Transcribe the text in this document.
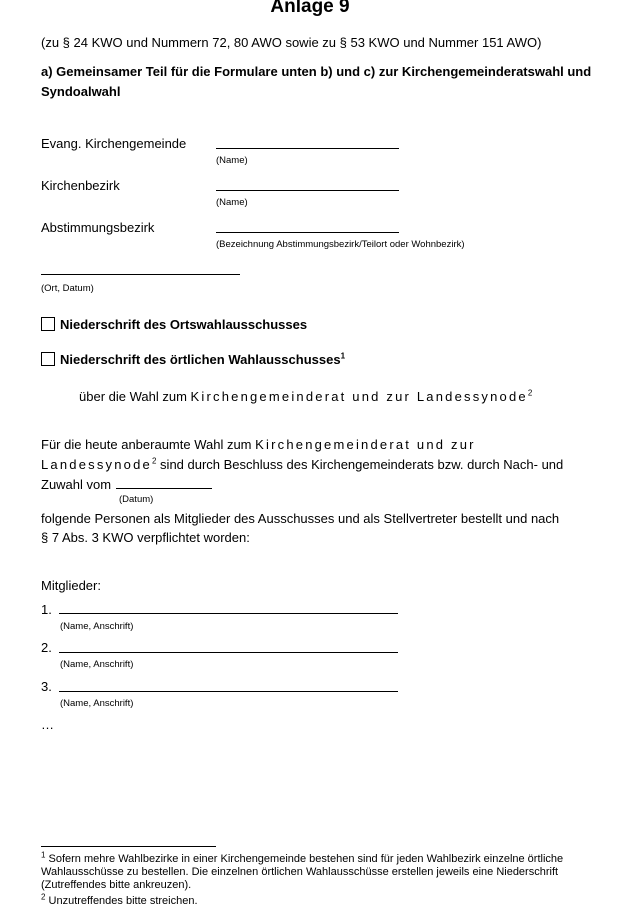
Anlage 9
(zu § 24 KWO und Nummern 72, 80 AWO sowie zu § 53 KWO und Nummer 151 AWO)
a) Gemeinsamer Teil für die Formulare unten b) und c) zur Kirchengemeinderatswahl und Syndoalwahl
Evang. Kirchengemeinde
(Name)
Kirchenbezirk
(Name)
Abstimmungsbezirk
(Bezeichnung Abstimmungsbezirk/Teilort oder Wohnbezirk)
(Ort, Datum)
Niederschrift des Ortswahlausschusses
Niederschrift des örtlichen Wahlausschusses$^1$
über die Wahl zum Kirchengemeinderat und zur Landessynode$^2$
Für die heute anberaumte Wahl zum Kirchengemeinderat und zur
Landessynode$^2$ sind durch Beschluss des Kirchengemeinderats bzw. durch Nach- und
Zuwahl vom
(Datum)
folgende Personen als Mitglieder des Ausschusses und als Stellvertreter bestellt und nach
§ 7 Abs. 3 KWO verpflichtet worden:
Mitglieder:
1.
(Name, Anschrift)
2.
(Name, Anschrift)
3.
(Name, Anschrift)
…
$^1$ Sofern mehre Wahlbezirke in einer Kirchengemeinde bestehen sind für jeden Wahlbezirk einzelne örtliche Wahlausschüsse zu bestellen. Die einzelnen örtlichen Wahlausschüsse erstellen jeweils eine Niederschrift (Zutreffendes bitte ankreuzen).
$^2$ Unzutreffendes bitte streichen.
